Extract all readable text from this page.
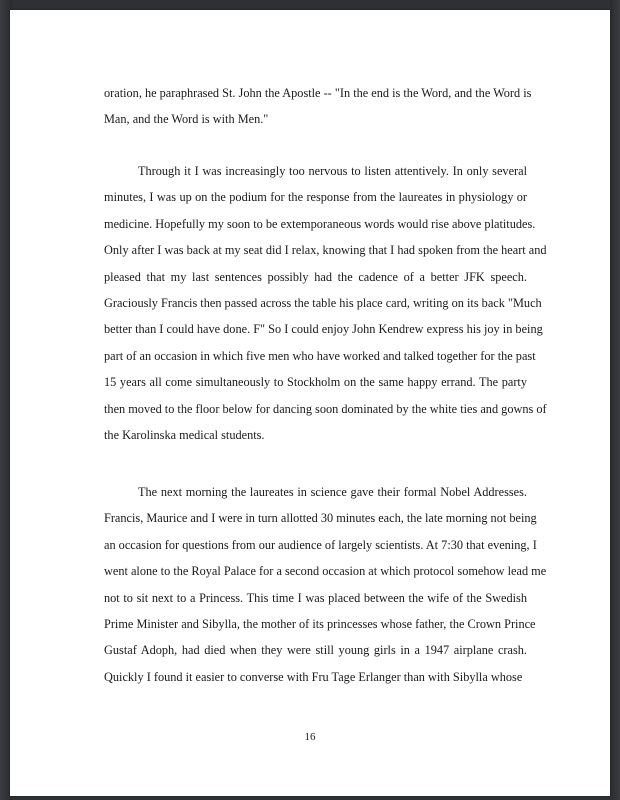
oration, he paraphrased St. John the Apostle -- "In the end is the Word, and the Word is
Man, and the Word is with Men."
Through it I was increasingly too nervous to listen attentively. In only several
minutes, I was up on the podium for the response from the laureates in physiology or
medicine. Hopefully my soon to be extemporaneous words would rise above platitudes.
Only after I was back at my seat did I relax, knowing that I had spoken from the heart and
pleased that my last sentences possibly had the cadence of a better JFK speech.
Graciously Francis then passed across the table his place card, writing on its back "Much
better than I could have done. F" So I could enjoy John Kendrew express his joy in being
part of an occasion in which five men who have worked and talked together for the past
15 years all come simultaneously to Stockholm on the same happy errand. The party
then moved to the floor below for dancing soon dominated by the white ties and gowns of
the Karolinska medical students.
The next morning the laureates in science gave their formal Nobel Addresses.
Francis, Maurice and I were in turn allotted 30 minutes each, the late morning not being
an occasion for questions from our audience of largely scientists. At 7:30 that evening, I
went alone to the Royal Palace for a second occasion at which protocol somehow lead me
not to sit next to a Princess. This time I was placed between the wife of the Swedish
Prime Minister and Sibylla, the mother of its princesses whose father, the Crown Prince
Gustaf Adoph, had died when they were still young girls in a 1947 airplane crash.
Quickly I found it easier to converse with Fru Tage Erlanger than with Sibylla whose
16
